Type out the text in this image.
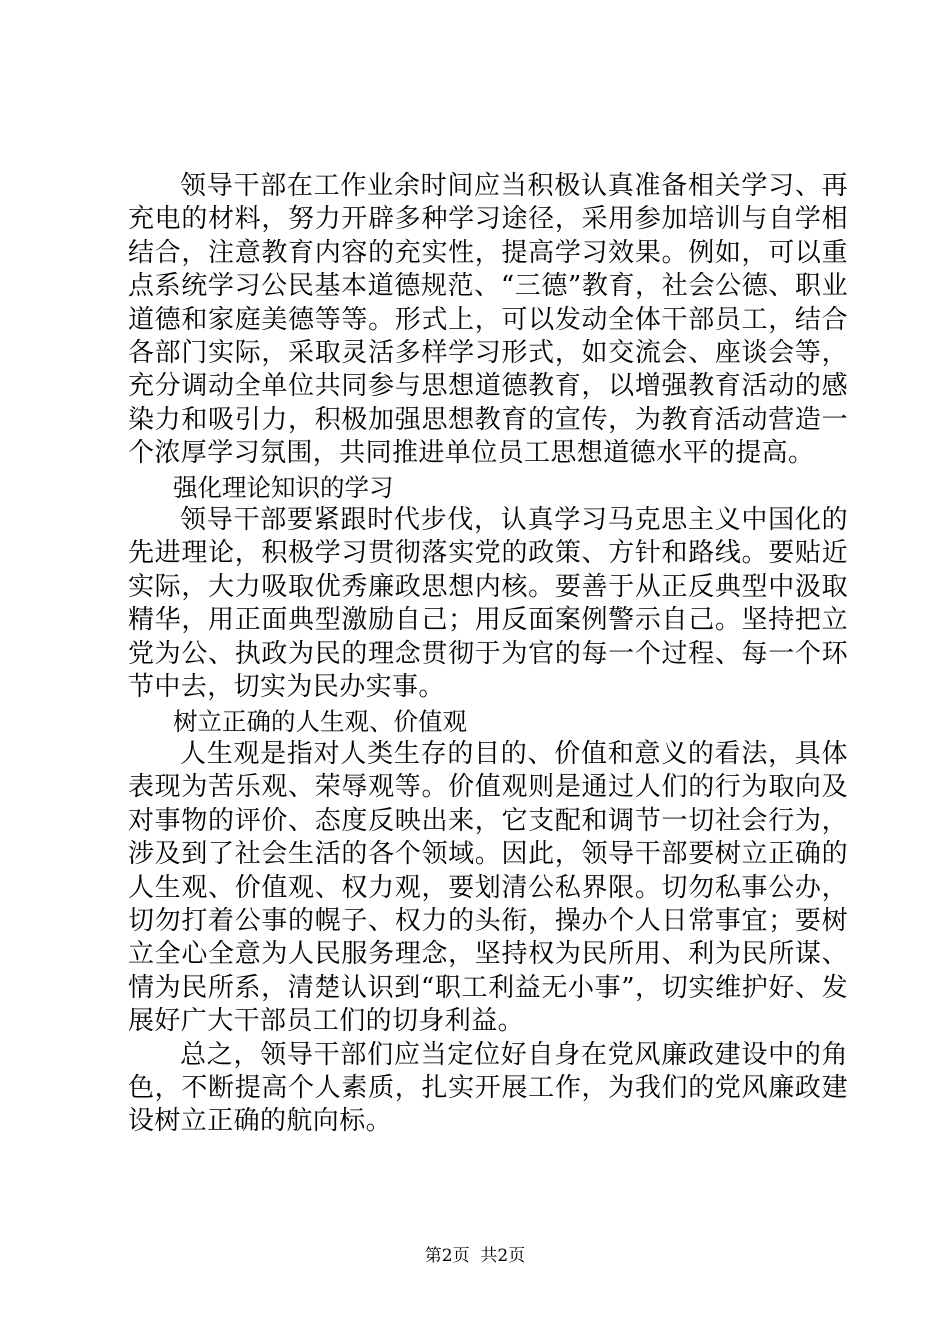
领导干部在工作业余时间应当积极认真准备相关学习、再充电的材料，努力开辟多种学习途径，采用参加培训与自学相结合，注意教育内容的充实性，提高学习效果。例如，可以重点系统学习公民基本道德规范、“三德”教育，社会公德、职业道德和家庭美德等等。形式上，可以发动全体干部员工，结合各部门实际，采取灵活多样学习形式，如交流会、座谈会等，充分调动全单位共同参与思想道德教育，以增强教育活动的感染力和吸引力，积极加强思想教育的宣传，为教育活动营造一个浓厚学习氛围，共同推进单位员工思想道德水平的提高。

强化理论知识的学习

领导干部要紧跟时代步伐，认真学习马克思主义中国化的先进理论，积极学习贯彻落实党的政策、方针和路线。要贴近实际，大力吸取优秀廉政思想内核。要善于从正反典型中汲取精华，用正面典型激励自己；用反面案例警示自己。坚持把立党为公、执政为民的理念贯彻于为官的每一个过程、每一个环节中去，切实为民办实事。

树立正确的人生观、价值观

人生观是指对人类生存的目的、价值和意义的看法，具体表现为苦乐观、荣辱观等。价值观则是通过人们的行为取向及对事物的评价、态度反映出来，它支配和调节一切社会行为，涉及到了社会生活的各个领域。因此，领导干部要树立正确的人生观、价值观、权力观，要划清公私界限。切勿私事公办，切勿打着公事的幌子、权力的头衔，操办个人日常事宜；要树立全心全意为人民服务理念，坚持权为民所用、利为民所谋、情为民所系，清楚认识到“职工利益无小事”，切实维护好、发展好广大干部员工们的切身利益。

总之，领导干部们应当定位好自身在党风廉政建设中的角色，不断提高个人素质，扎实开展工作，为我们的党风廉政建设树立正确的航向标。

第2页  共2页
